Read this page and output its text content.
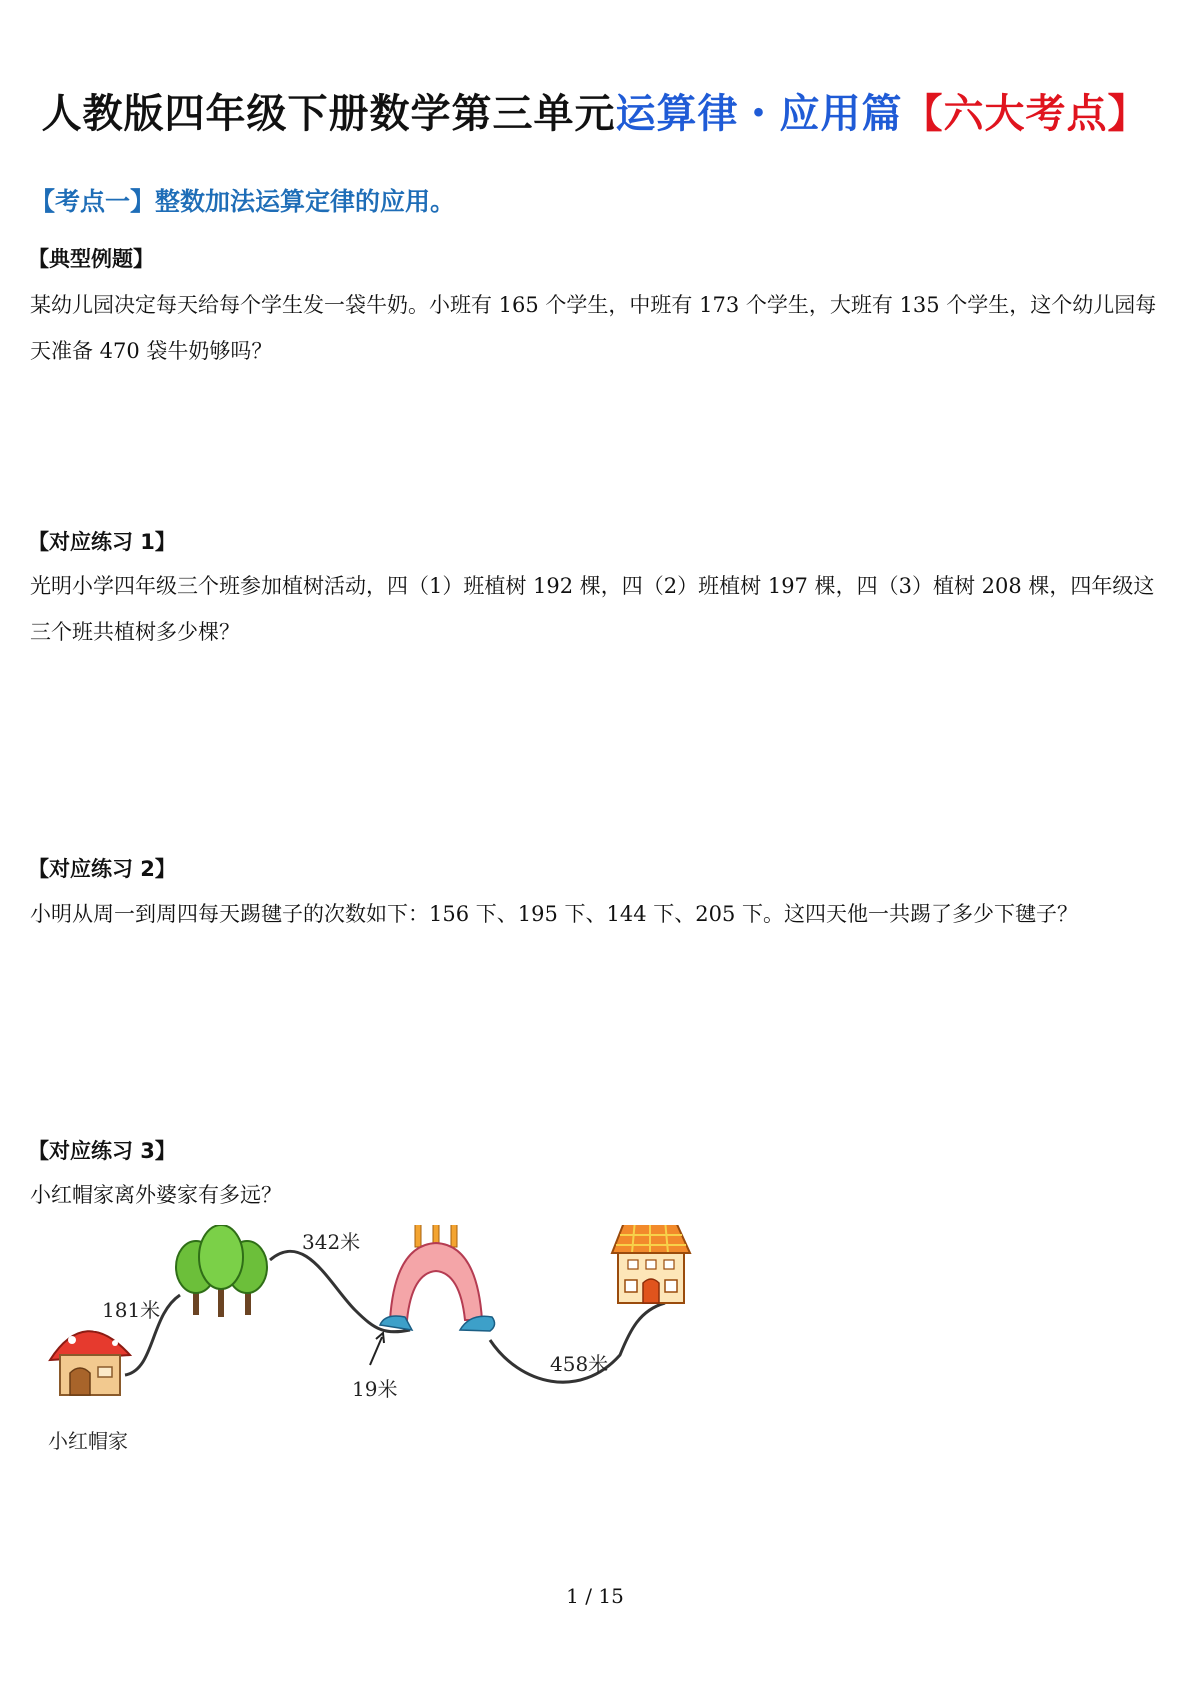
人教版四年级下册数学第三单元运算律・应用篇【六大考点】
【考点一】整数加法运算定律的应用。
【典型例题】

某幼儿园决定每天给每个学生发一袋牛奶。小班有 165 个学生，中班有 173 个学生，大班有 135 个学生，这个幼儿园每天准备 470 袋牛奶够吗？

【对应练习 1】

光明小学四年级三个班参加植树活动，四（1）班植树 192 棵，四（2）班植树 197 棵，四（3）植树 208 棵，四年级这三个班共植树多少棵？

【对应练习 2】

小明从周一到周四每天踢毽子的次数如下：156 下、195 下、144 下、205 下。这四天他一共踢了多少下毽子？

【对应练习 3】

小红帽家离外婆家有多远？

181米
342米
19米
458米
小红帽家
1 / 15
